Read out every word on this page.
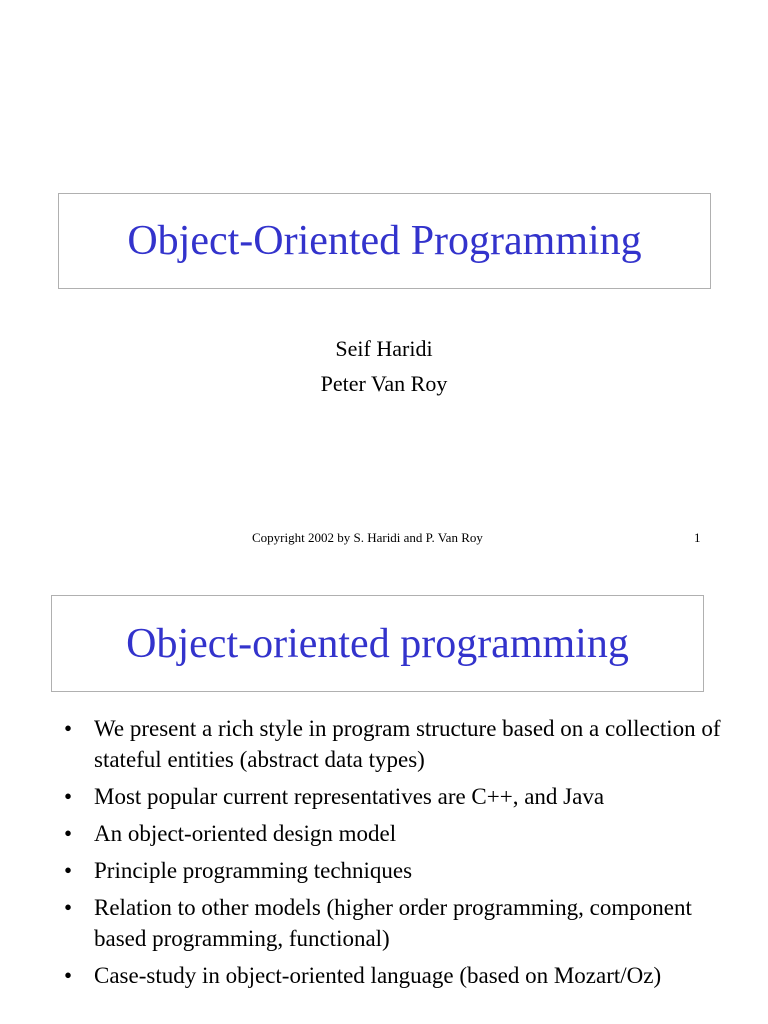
Object-Oriented Programming
Seif Haridi
Peter Van Roy
Copyright 2002 by S. Haridi and P. Van Roy	1
Object-oriented programming
• We present a rich style in program structure based on a collection of stateful entities (abstract data types)
• Most popular current representatives are C++, and Java
• An object-oriented design model
• Principle programming techniques
• Relation to other models (higher order programming, component based programming, functional)
• Case-study in object-oriented language (based on Mozart/Oz)
